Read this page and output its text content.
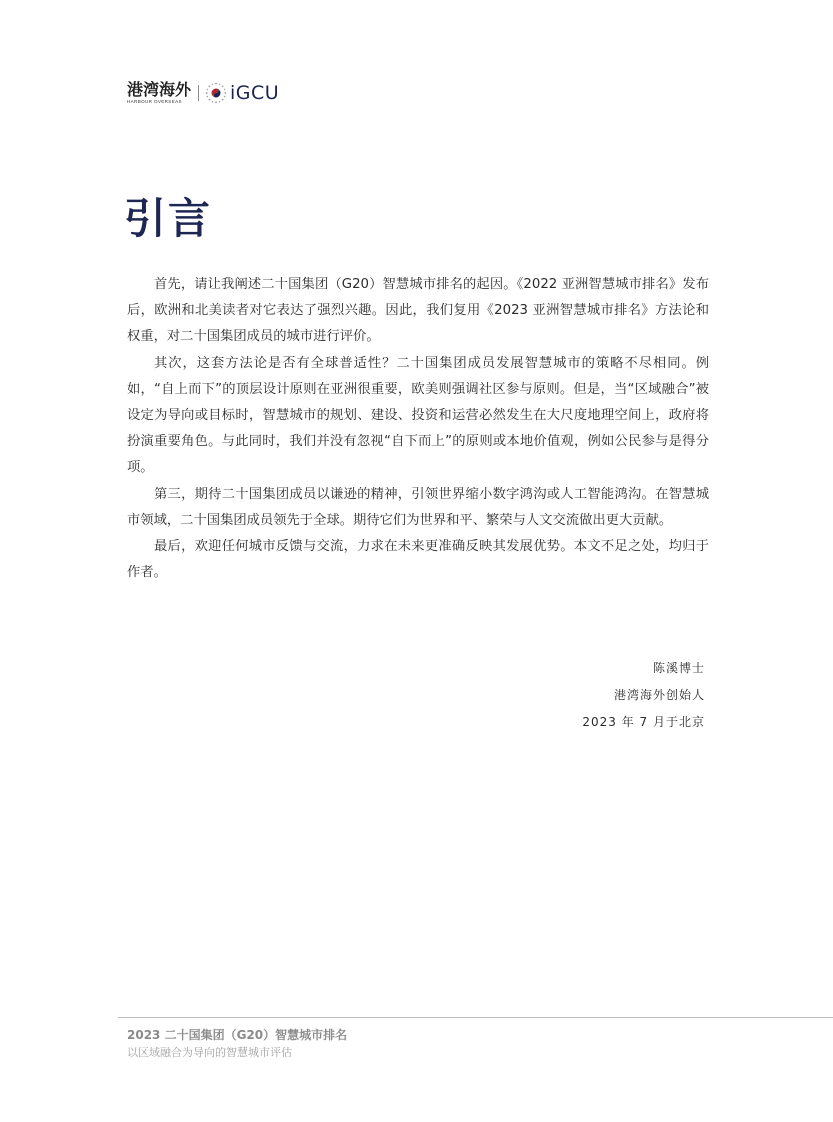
港湾海外
HARBOUR OVERSEAS	iGCU
引言

首先，请让我阐述二十国集团（G20）智慧城市排名的起因。《2022 亚洲智慧城市排名》发布后，欧洲和北美读者对它表达了强烈兴趣。因此，我们复用《2023 亚洲智慧城市排名》方法论和权重，对二十国集团成员的城市进行评价。

其次，这套方法论是否有全球普适性？二十国集团成员发展智慧城市的策略不尽相同。例如，“自上而下”的顶层设计原则在亚洲很重要，欧美则强调社区参与原则。但是，当“区域融合”被设定为导向或目标时，智慧城市的规划、建设、投资和运营必然发生在大尺度地理空间上，政府将扮演重要角色。与此同时，我们并没有忽视“自下而上”的原则或本地价值观，例如公民参与是得分项。

第三，期待二十国集团成员以谦逊的精神，引领世界缩小数字鸿沟或人工智能鸿沟。在智慧城市领域，二十国集团成员领先于全球。期待它们为世界和平、繁荣与人文交流做出更大贡献。

最后，欢迎任何城市反馈与交流，力求在未来更准确反映其发展优势。本文不足之处，均归于作者。

陈溪博士
港湾海外创始人
2023 年 7 月于北京
2023 二十国集团（G20）智慧城市排名
以区域融合为导向的智慧城市评估
